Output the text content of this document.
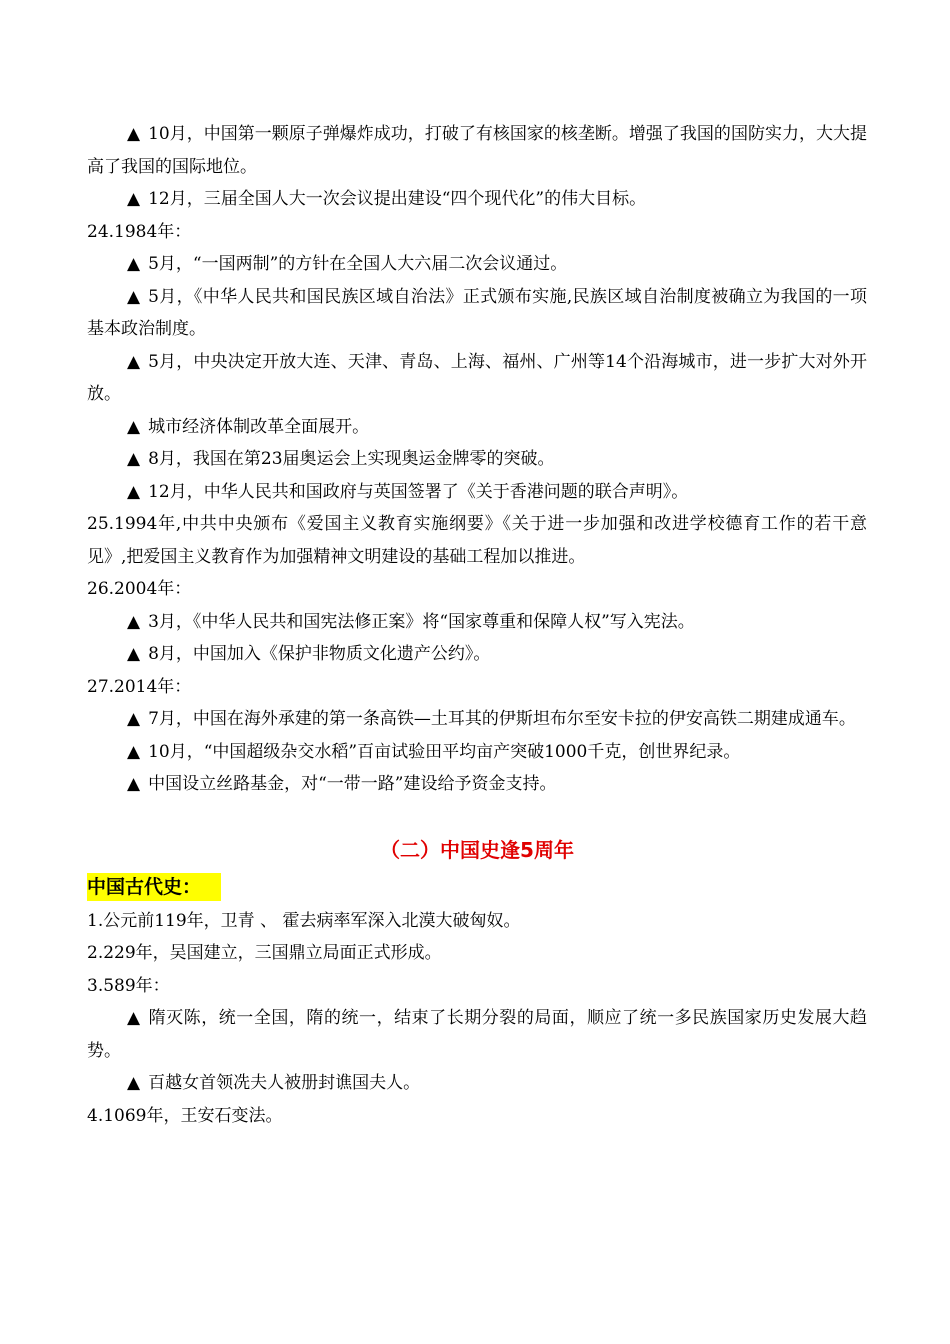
▲ 10月，中国第一颗原子弹爆炸成功，打破了有核国家的核垄断。增强了我国的国防实力，大大提高了我国的国际地位。

▲ 12月，三届全国人大一次会议提出建设“四个现代化”的伟大目标。

24.1984年：

▲ 5月，“一国两制”的方针在全国人大六届二次会议通过。

▲ 5月，《中华人民共和国民族区域自治法》正式颁布实施,民族区域自治制度被确立为我国的一项基本政治制度。

▲ 5月，中央决定开放大连、天津、青岛、上海、福州、广州等14个沿海城市，进一步扩大对外开放。

▲ 城市经济体制改革全面展开。

▲ 8月，我国在第23届奥运会上实现奥运金牌零的突破。

▲ 12月，中华人民共和国政府与英国签署了《关于香港问题的联合声明》。

25.1994年,中共中央颁布《爱国主义教育实施纲要》《关于进一步加强和改进学校德育工作的若干意见》,把爱国主义教育作为加强精神文明建设的基础工程加以推进。

26.2004年：

▲ 3月，《中华人民共和国宪法修正案》将“国家尊重和保障人权”写入宪法。

▲ 8月，中国加入《保护非物质文化遗产公约》。

27.2014年：

▲ 7月，中国在海外承建的第一条高铁—土耳其的伊斯坦布尔至安卡拉的伊安高铁二期建成通车。

▲ 10月，“中国超级杂交水稻”百亩试验田平均亩产突破1000千克，创世界纪录。

▲ 中国设立丝路基金，对“一带一路”建设给予资金支持。

（二）中国史逢5周年
中国古代史：

1.公元前119年，卫青 、 霍去病率军深入北漠大破匈奴。

2.229年，吴国建立，三国鼎立局面正式形成。

3.589年：

▲ 隋灭陈，统一全国，隋的统一，结束了长期分裂的局面，顺应了统一多民族国家历史发展大趋势。

▲ 百越女首领冼夫人被册封谯国夫人。

4.1069年，王安石变法。
